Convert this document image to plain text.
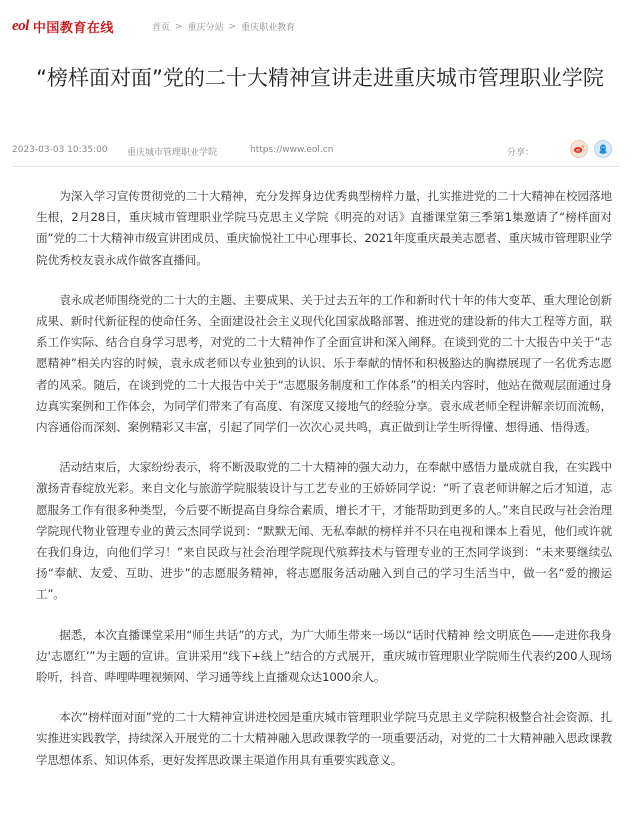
eol 中国教育在线	首页 > 重庆分站 > 重庆职业教育
“榜样面对面”党的二十大精神宣讲走进重庆城市管理职业学院
2023-03-03 10:35:00 重庆城市管理职业学院	https://www.eol.cn	分享：

为深入学习宣传贯彻党的二十大精神，充分发挥身边优秀典型榜样力量，扎实推进党的二十大精神在校园落地生根，2月28日，重庆城市管理职业学院马克思主义学院《明亮的对话》直播课堂第三季第1集邀请了“榜样面对面”党的二十大精神市级宣讲团成员、重庆愉悦社工中心理事长、2021年度重庆最美志愿者、重庆城市管理职业学院优秀校友袁永成作做客直播间。

袁永成老师围绕党的二十大的主题、主要成果、关于过去五年的工作和新时代十年的伟大变革、重大理论创新成果、新时代新征程的使命任务、全面建设社会主义现代化国家战略部署、推进党的建设新的伟大工程等方面，联系工作实际、结合自身学习思考，对党的二十大精神作了全面宣讲和深入阐释。在谈到党的二十大报告中关于“志愿精神”相关内容的时候，袁永成老师以专业独到的认识、乐于奉献的情怀和积极豁达的胸襟展现了一名优秀志愿者的风采。随后，在谈到党的二十大报告中关于“志愿服务制度和工作体系”的相关内容时，他站在微观层面通过身边真实案例和工作体会，为同学们带来了有高度、有深度又接地气的经验分享。袁永成老师全程讲解亲切而流畅，内容通俗而深刻、案例精彩又丰富，引起了同学们一次次心灵共鸣，真正做到让学生听得懂、想得通、悟得透。

活动结束后，大家纷纷表示，将不断汲取党的二十大精神的强大动力，在奉献中感悟力量成就自我，在实践中激扬青春绽放光彩。来自文化与旅游学院服装设计与工艺专业的王娇娇同学说：“听了袁老师讲解之后才知道，志愿服务工作有很多种类型，今后要不断提高自身综合素质，增长才干，才能帮助到更多的人。”来自民政与社会治理学院现代物业管理专业的黄云杰同学说到：“默默无闻、无私奉献的榜样并不只在电视和课本上看见，他们或许就在我们身边，向他们学习！”来自民政与社会治理学院现代殡葬技术与管理专业的王杰同学谈到：“未来要继续弘扬“奉献、友爱、互助、进步”的志愿服务精神，将志愿服务活动融入到自己的学习生活当中，做一名“爱的搬运工”。

据悉，本次直播课堂采用“师生共话”的方式，为广大师生带来一场以“话时代精神 绘文明底色——走进你我身边‘志愿红’”为主题的宣讲。宣讲采用“线下+线上”结合的方式展开，重庆城市管理职业学院师生代表约200人现场聆听，抖音、哔哩哔哩视频网、学习通等线上直播观众达1000余人。

本次“榜样面对面”党的二十大精神宣讲进校园是重庆城市管理职业学院马克思主义学院积极整合社会资源、扎实推进实践教学，持续深入开展党的二十大精神融入思政课教学的一项重要活动，对党的二十大精神融入思政课教学思想体系、知识体系，更好发挥思政课主渠道作用具有重要实践意义。
